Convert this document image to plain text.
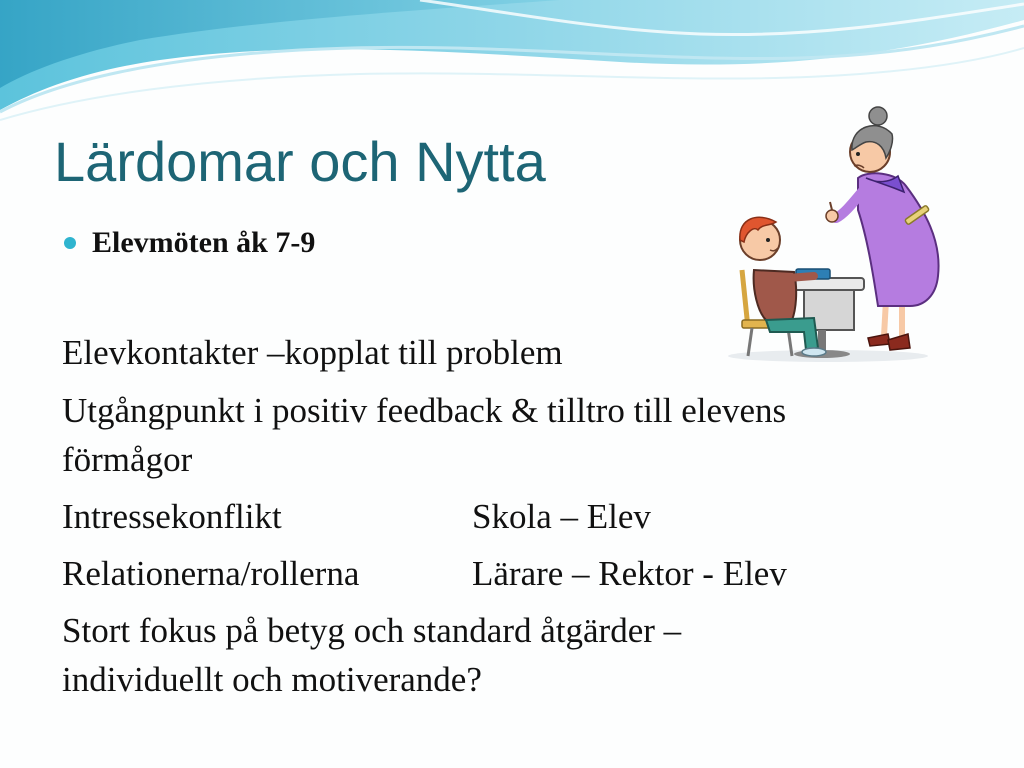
Lärdomar och Nytta
Elevmöten åk 7-9
Elevkontakter –kopplat till problem
Utgångpunkt i positiv feedback & tilltro till elevens
förmågor
Intressekonflikt	Skola – Elev
Relationerna/rollerna	Lärare – Rektor - Elev
Stort fokus på betyg och standard åtgärder –
individuellt och motiverande?
